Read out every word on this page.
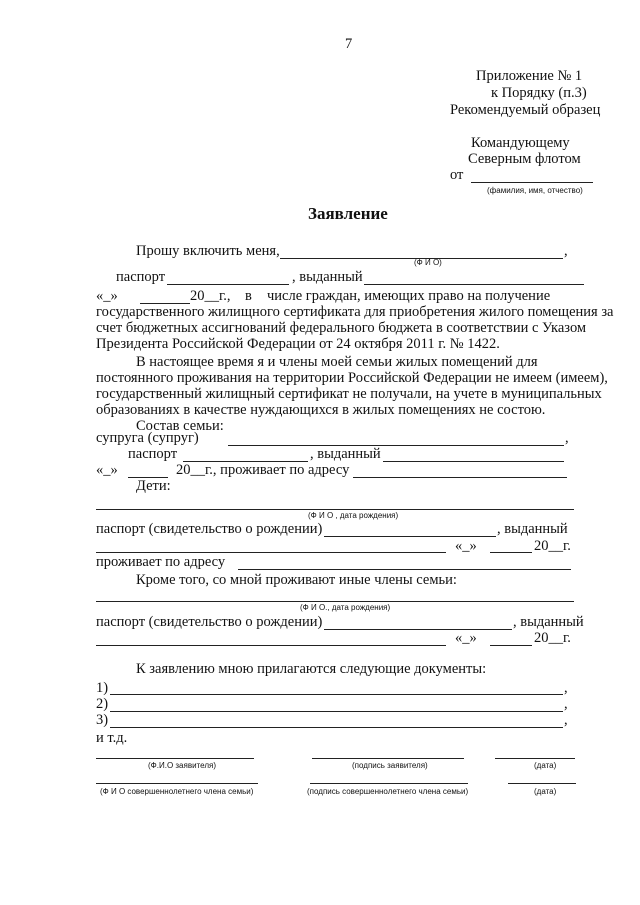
7
Приложение № 1
к Порядку (п.3)
Рекомендуемый образец
Командующему
Северным флотом
от
(фамилия, имя, отчество)
Заявление
Прошу включить меня,	,
(Ф И О)
паспорт	, выданный
«_»	20__г., в числе граждан, имеющих право на получение
государственного жилищного сертификата для приобретения жилого помещения за
счет бюджетных ассигнований федерального бюджета в соответствии с Указом
Президента Российской Федерации от 24 октября 2011 г. № 1422.
В настоящее время я и члены моей семьи жилых помещений для
постоянного проживания на территории Российской Федерации не имеем (имеем),
государственный жилищный сертификат не получали, на учете в муниципальных
образованиях в качестве нуждающихся в жилых помещениях не состою.
Состав семьи:
супруга (супруг)	,
паспорт	, выданный
«_»	20__г., проживает по адресу
Дети:
(Ф И О , дата рождения)
паспорт (свидетельство о рождении)	, выданный
«_»	20__г.
проживает по адресу
Кроме того, со мной проживают иные члены семьи:
(Ф И О., дата рождения)
паспорт (свидетельство о рождении)	, выданный
«_»	20__г.
К заявлению мною прилагаются следующие документы:
1)	,
2)	,
3)	,
и т.д.
(Ф.И.О заявителя)	(подпись заявителя)	(дата)
(Ф И О совершеннолетнего члена семьи)	(подпись совершеннолетнего члена семьи)	(дата)
